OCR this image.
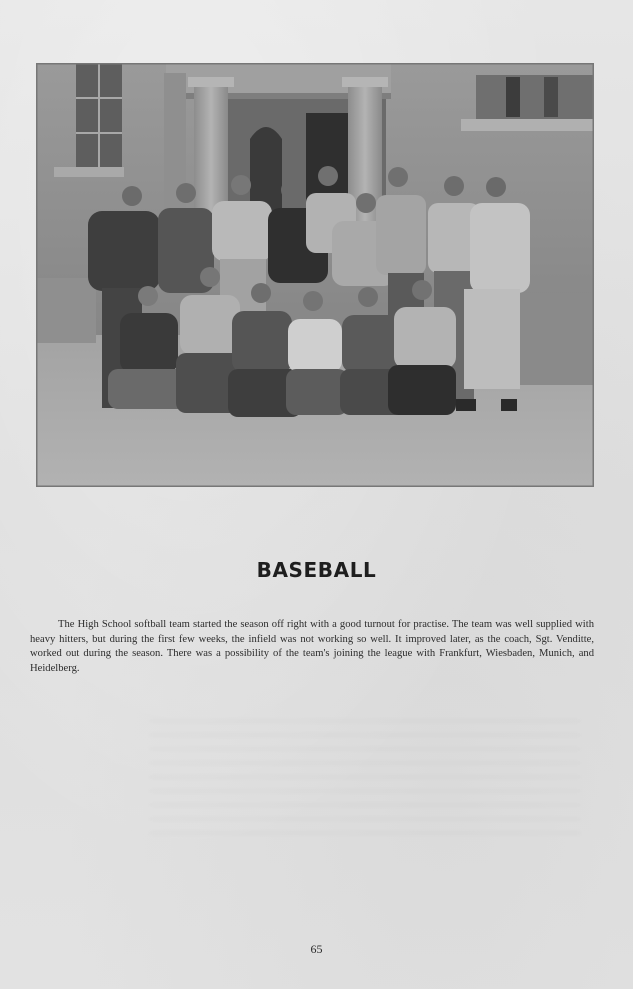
BASEBALL

The High School softball team started the season off right with a good turnout for practise. The team was well supplied with heavy hitters, but during the first few weeks, the infield was not working so well. It improved later, as the coach, Sgt. Venditte, worked out during the season. There was a possibility of the team's joining the league with Frankfurt, Wiesbaden, Munich, and Heidelberg.

65
